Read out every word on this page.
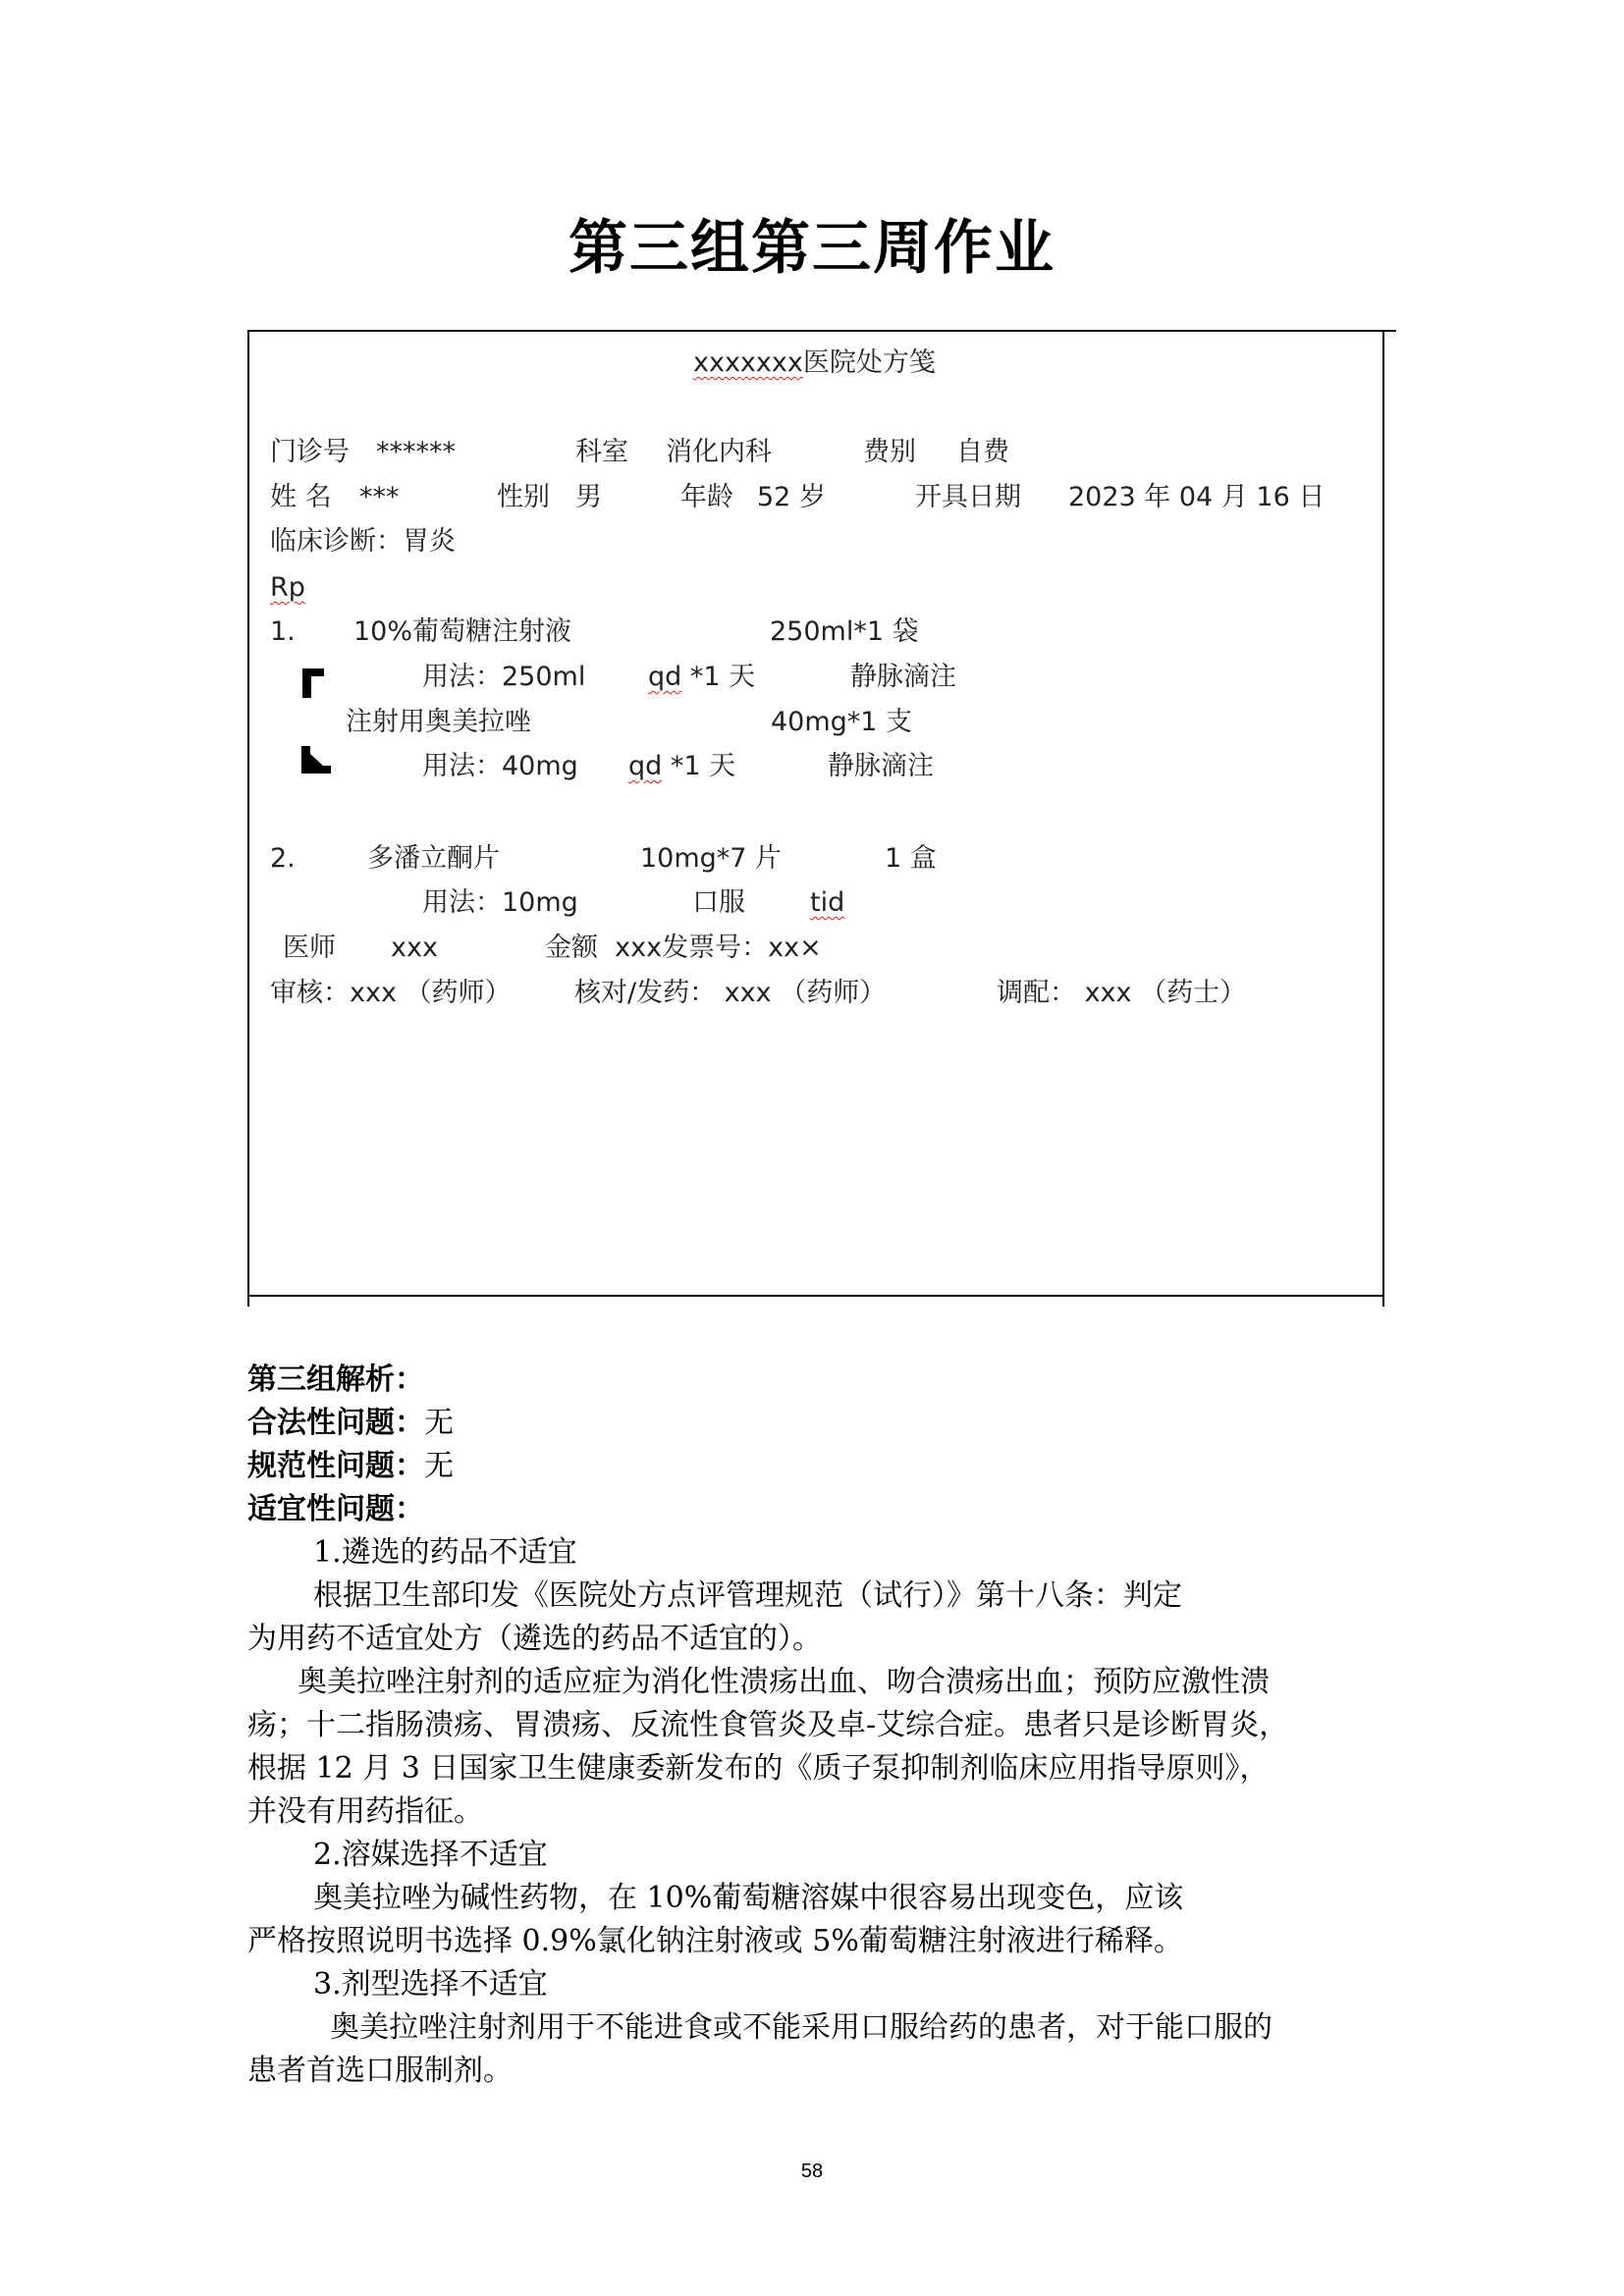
第三组第三周作业
xxxxxxx医院处方笺
门诊号 ******	科室 消化内科	费别 自费
姓 名 ***	性别 男	年龄 52 岁	开具日期 2023 年 04 月 16 日
临床诊断：胃炎
Rp
1. 10%葡萄糖注射液	250ml*1 袋
用法：250ml qd *1 天	静脉滴注
注射用奥美拉唑	40mg*1 支
用法：40mg qd *1 天	静脉滴注
2.	多潘立酮片	10mg*7 片	1 盒
用法：10mg	口服 tid
医师 xxx	金额 xxx发票号：xx×
审核：xxx （药师） 核对/发药： xxx （药师）	调配： xxx （药士）
第三组解析：
合法性问题：无
规范性问题：无
适宜性问题：
1.遴选的药品不适宜
根据卫生部印发《医院处方点评管理规范（试行）》第十八条：判定
为用药不适宜处方（遴选的药品不适宜的）。
奥美拉唑注射剂的适应症为消化性溃疡出血、吻合溃疡出血；预防应激性溃
疡；十二指肠溃疡、胃溃疡、反流性食管炎及卓-艾综合症。患者只是诊断胃炎，
根据 12 月 3 日国家卫生健康委新发布的《质子泵抑制剂临床应用指导原则》，
并没有用药指征。
2.溶媒选择不适宜
奥美拉唑为碱性药物，在 10%葡萄糖溶媒中很容易出现变色，应该
严格按照说明书选择 0.9%氯化钠注射液或 5%葡萄糖注射液进行稀释。
3.剂型选择不适宜
奥美拉唑注射剂用于不能进食或不能采用口服给药的患者，对于能口服的
患者首选口服制剂。
58
